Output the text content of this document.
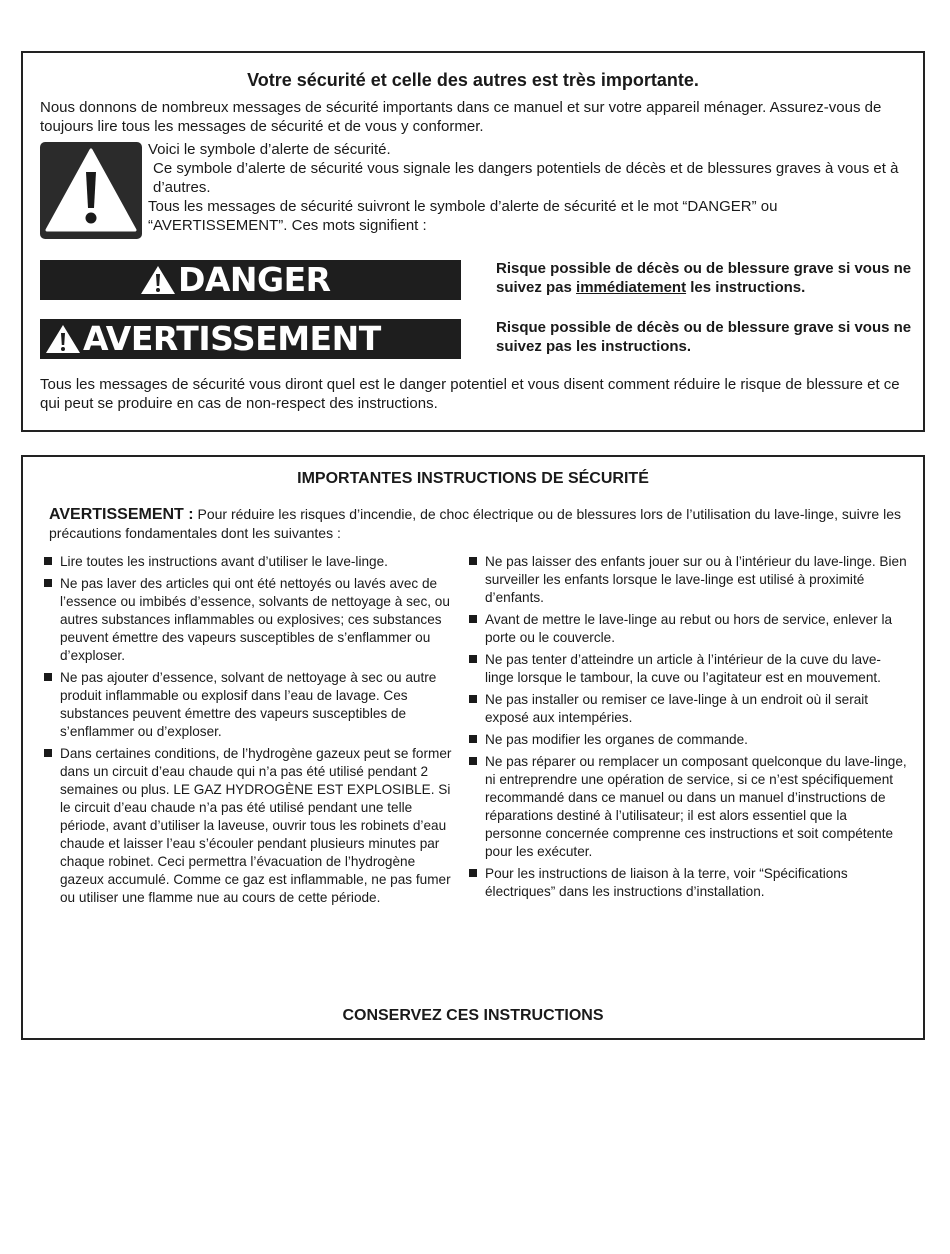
Votre sécurité et celle des autres est très importante.
Nous donnons de nombreux messages de sécurité importants dans ce manuel et sur votre appareil ménager. Assurez-vous de toujours lire tous les messages de sécurité et de vous y conformer.

Voici le symbole d’alerte de sécurité.

Ce symbole d’alerte de sécurité vous signale les dangers potentiels de décès et de blessures graves à vous et à d’autres.

Tous les messages de sécurité suivront le symbole d’alerte de sécurité et le mot “DANGER” ou “AVERTISSEMENT”. Ces mots signifient :

DANGER	Risque possible de décès ou de blessure grave si vous ne suivez pas immédiatement les instructions.
AVERTISSEMENT	Risque possible de décès ou de blessure grave si vous ne suivez pas les instructions.
Tous les messages de sécurité vous diront quel est le danger potentiel et vous disent comment réduire le risque de blessure et ce qui peut se produire en cas de non-respect des instructions.
IMPORTANTES INSTRUCTIONS DE SÉCURITÉ
AVERTISSEMENT : Pour réduire les risques d’incendie, de choc électrique ou de blessures lors de l’utilisation du lave-linge, suivre les précautions fondamentales dont les suivantes :
Lire toutes les instructions avant d’utiliser le lave-linge.
Ne pas laver des articles qui ont été nettoyés ou lavés avec de l’essence ou imbibés d’essence, solvants de nettoyage à sec, ou autres substances inflammables ou explosives; ces substances peuvent émettre des vapeurs susceptibles de s’enflammer ou d’exploser.
Ne pas ajouter d’essence, solvant de nettoyage à sec ou autre produit inflammable ou explosif dans l’eau de lavage. Ces substances peuvent émettre des vapeurs susceptibles de s’enflammer ou d’exploser.
Dans certaines conditions, de l’hydrogène gazeux peut se former dans un circuit d’eau chaude qui n’a pas été utilisé pendant 2 semaines ou plus. LE GAZ HYDROGÈNE EST EXPLOSIBLE. Si le circuit d’eau chaude n’a pas été utilisé pendant une telle période, avant d’utiliser la laveuse, ouvrir tous les robinets d’eau chaude et laisser l’eau s’écouler pendant plusieurs minutes par chaque robinet. Ceci permettra l’évacuation de l’hydrogène gazeux accumulé. Comme ce gaz est inflammable, ne pas fumer ou utiliser une flamme nue au cours de cette période.
Ne pas laisser des enfants jouer sur ou à l’intérieur du lave-linge. Bien surveiller les enfants lorsque le lave-linge est utilisé à proximité d’enfants.
Avant de mettre le lave-linge au rebut ou hors de service, enlever la porte ou le couvercle.
Ne pas tenter d’atteindre un article à l’intérieur de la cuve du lave-linge lorsque le tambour, la cuve ou l’agitateur est en mouvement.
Ne pas installer ou remiser ce lave-linge à un endroit où il serait exposé aux intempéries.
Ne pas modifier les organes de commande.
Ne pas réparer ou remplacer un composant quelconque du lave-linge, ni entreprendre une opération de service, si ce n’est spécifiquement recommandé dans ce manuel ou dans un manuel d’instructions de réparations destiné à l’utilisateur; il est alors essentiel que la personne concernée comprenne ces instructions et soit compétente pour les exécuter.
Pour les instructions de liaison à la terre, voir “Spécifications électriques” dans les instructions d’installation.
CONSERVEZ CES INSTRUCTIONS
